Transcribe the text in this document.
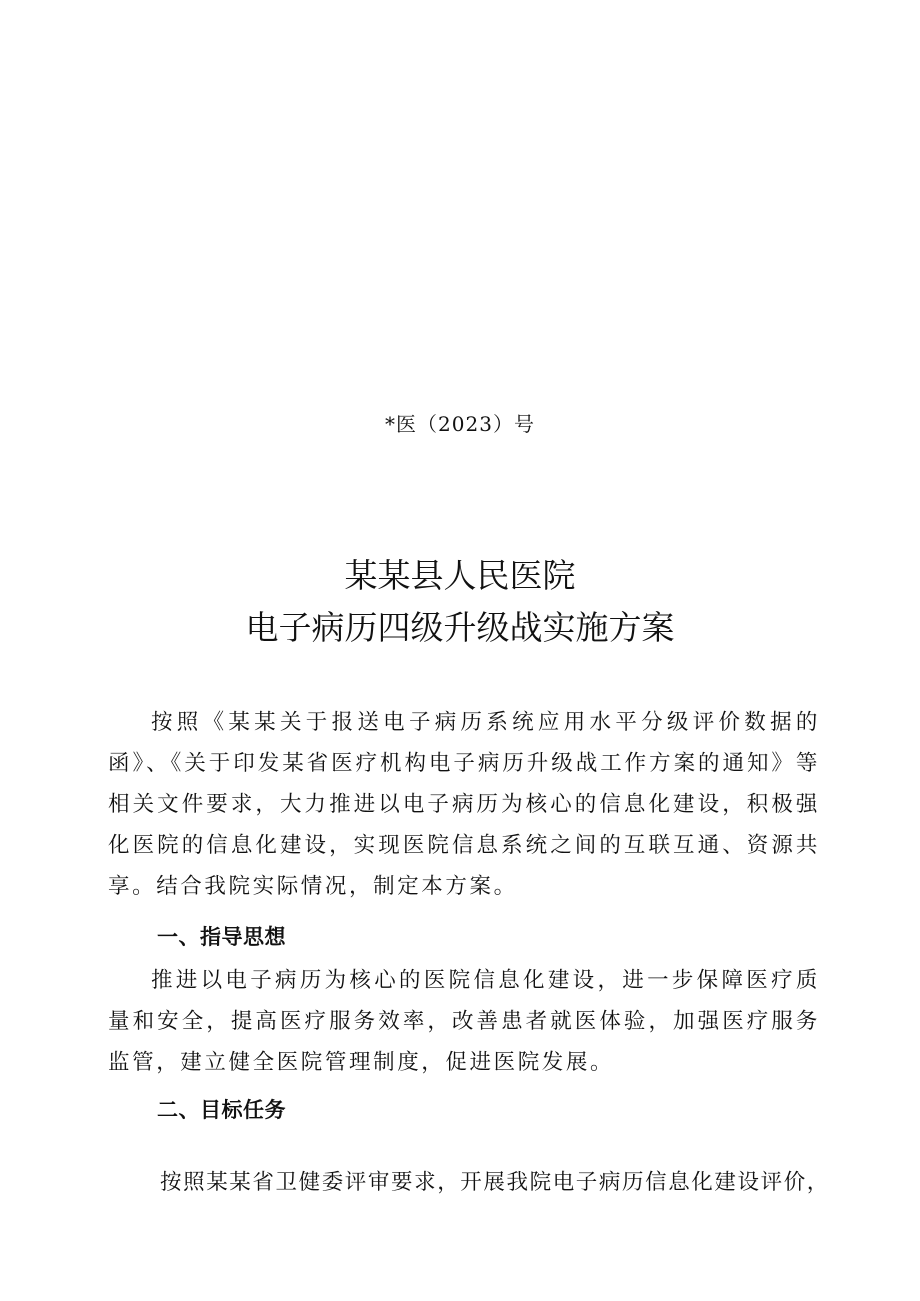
*医（2023）号
某某县人民医院
电子病历四级升级战实施方案

按照《某某关于报送电子病历系统应用水平分级评价数据的函》、《关于印发某省医疗机构电子病历升级战工作方案的通知》等相关文件要求，大力推进以电子病历为核心的信息化建设，积极强化医院的信息化建设，实现医院信息系统之间的互联互通、资源共享。结合我院实际情况，制定本方案。

一、指导思想

推进以电子病历为核心的医院信息化建设，进一步保障医疗质量和安全，提高医疗服务效率，改善患者就医体验，加强医疗服务监管，建立健全医院管理制度，促进医院发展。

二、目标任务

按照某某省卫健委评审要求，开展我院电子病历信息化建设评价，
